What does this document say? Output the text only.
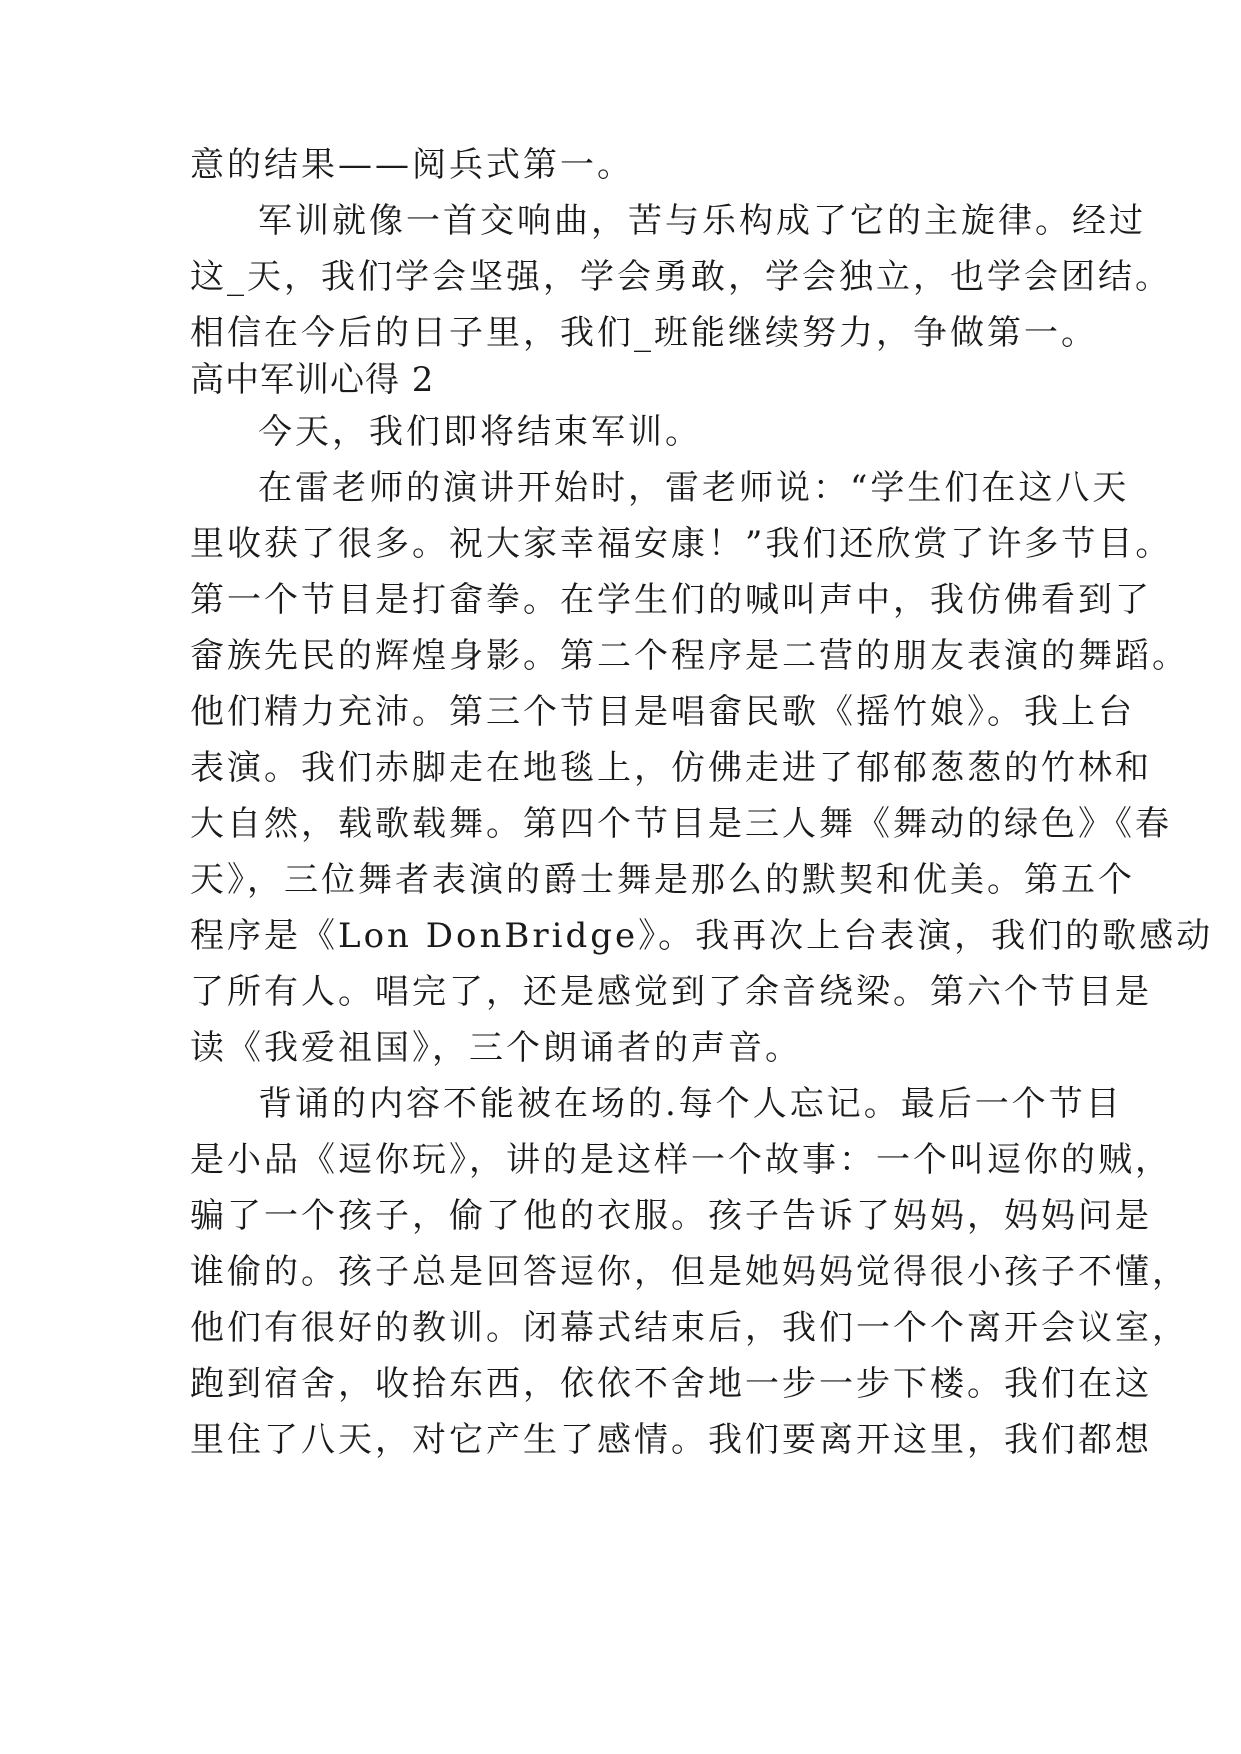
意的结果——阅兵式第一。
军训就像一首交响曲，苦与乐构成了它的主旋律。经过
这_天，我们学会坚强，学会勇敢，学会独立，也学会团结。
相信在今后的日子里，我们_班能继续努力，争做第一。
高中军训心得 2
今天，我们即将结束军训。
在雷老师的演讲开始时，雷老师说：“学生们在这八天
里收获了很多。祝大家幸福安康！”我们还欣赏了许多节目。
第一个节目是打畲拳。在学生们的喊叫声中，我仿佛看到了
畲族先民的辉煌身影。第二个程序是二营的朋友表演的舞蹈。
他们精力充沛。第三个节目是唱畲民歌《摇竹娘》。我上台
表演。我们赤脚走在地毯上，仿佛走进了郁郁葱葱的竹林和
大自然，载歌载舞。第四个节目是三人舞《舞动的绿色》《春
天》，三位舞者表演的爵士舞是那么的默契和优美。第五个
程序是《Lon DonBridge》。我再次上台表演，我们的歌感动
了所有人。唱完了，还是感觉到了余音绕梁。第六个节目是
读《我爱祖国》，三个朗诵者的声音。
背诵的内容不能被在场的.每个人忘记。最后一个节目
是小品《逗你玩》，讲的是这样一个故事：一个叫逗你的贼，
骗了一个孩子，偷了他的衣服。孩子告诉了妈妈，妈妈问是
谁偷的。孩子总是回答逗你，但是她妈妈觉得很小孩子不懂，
他们有很好的教训。闭幕式结束后，我们一个个离开会议室，
跑到宿舍，收拾东西，依依不舍地一步一步下楼。我们在这
里住了八天，对它产生了感情。我们要离开这里，我们都想
